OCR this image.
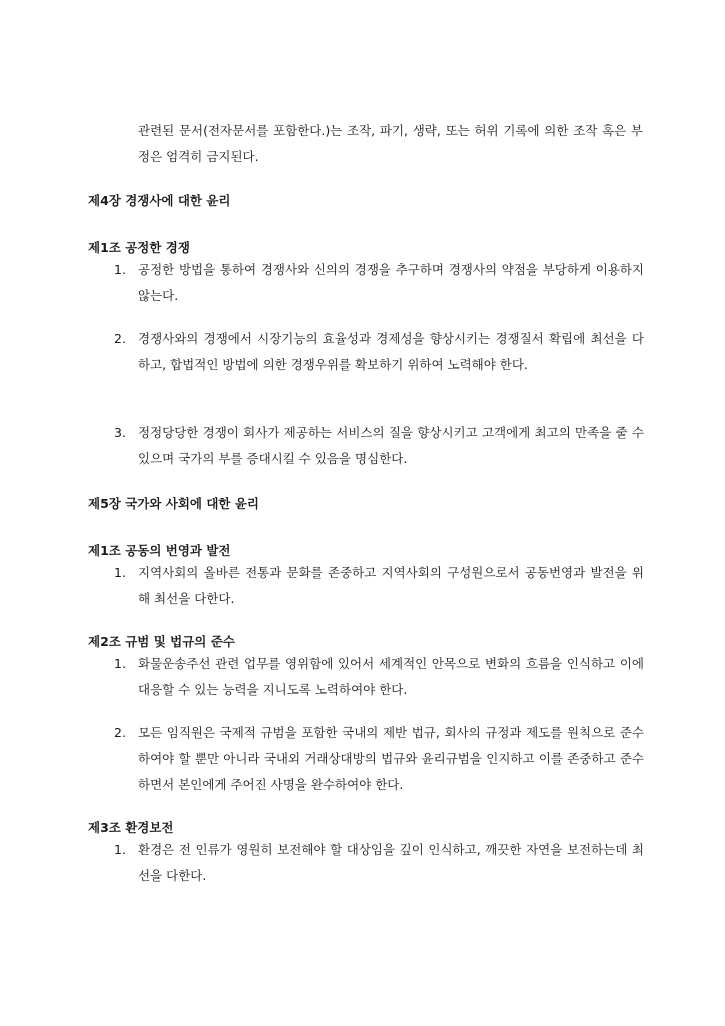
관련된 문서(전자문서를 포함한다.)는 조작, 파기, 생략, 또는 허위 기록에 의한 조작 혹은 부정은 엄격히 금지된다.

제4장 경쟁사에 대한 윤리
제1조 공정한 경쟁
1. 공정한 방법을 통하여 경쟁사와 신의의 경쟁을 추구하며 경쟁사의 약점을 부당하게 이용하지 않는다.
2. 경쟁사와의 경쟁에서 시장기능의 효율성과 경제성을 향상시키는 경쟁질서 확립에 최선을 다하고, 합법적인 방법에 의한 경쟁우위를 확보하기 위하여 노력해야 한다.
3. 정정당당한 경쟁이 회사가 제공하는 서비스의 질을 향상시키고 고객에게 최고의 만족을 줄 수 있으며 국가의 부를 증대시킬 수 있음을 명심한다.
제5장 국가와 사회에 대한 윤리
제1조 공동의 번영과 발전
1. 지역사회의 올바른 전통과 문화를 존중하고 지역사회의 구성원으로서 공동번영과 발전을 위해 최선을 다한다.
제2조 규범 및 법규의 준수
1. 화물운송주선 관련 업무를 영위함에 있어서 세계적인 안목으로 변화의 흐름을 인식하고 이에 대응할 수 있는 능력을 지니도록 노력하여야 한다.
2. 모든 임직원은 국제적 규범을 포함한 국내의 제반 법규, 회사의 규정과 제도를 원칙으로 준수하여야 할 뿐만 아니라 국내외 거래상대방의 법규와 윤리규범을 인지하고 이를 존중하고 준수하면서 본인에게 주어진 사명을 완수하여야 한다.
제3조 환경보전
1. 환경은 전 인류가 영원히 보전해야 할 대상임을 깊이 인식하고, 깨끗한 자연을 보전하는데 최선을 다한다.
